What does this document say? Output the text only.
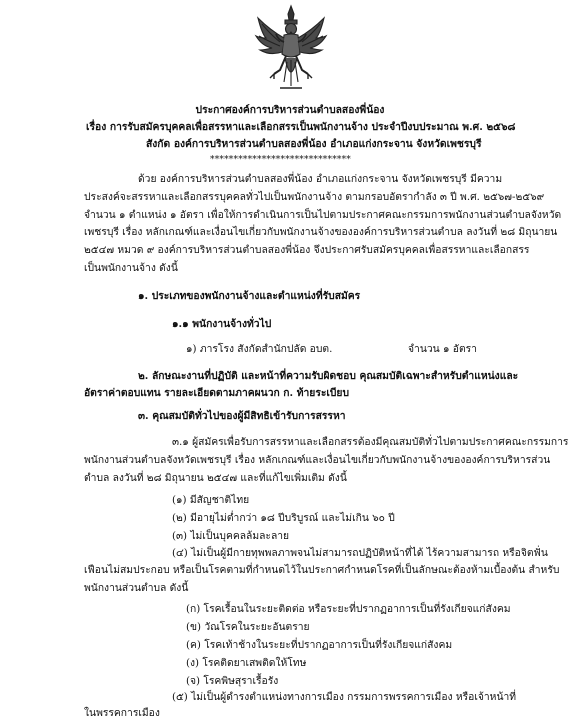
ประกาศองค์การบริหารส่วนตำบลสองพี่น้อง
เรื่อง การรับสมัครบุคคลเพื่อสรรหาและเลือกสรรเป็นพนักงานจ้าง ประจำปีงบประมาณ พ.ศ. ๒๕๖๘
สังกัด องค์การบริหารส่วนตำบลสองพี่น้อง อำเภอแก่งกระจาน จังหวัดเพชรบุรี
******************************
ด้วย องค์การบริหารส่วนตำบลสองพี่น้อง อำเภอแก่งกระจาน จังหวัดเพชรบุรี มีความ
ประสงค์จะสรรหาและเลือกสรรบุคคลทั่วไปเป็นพนักงานจ้าง ตามกรอบอัตรากำลัง ๓ ปี พ.ศ. ๒๕๖๗-๒๕๖๙
จำนวน ๑ ตำแหน่ง ๑ อัตรา เพื่อให้การดำเนินการเป็นไปตามประกาศคณะกรรมการพนักงานส่วนตำบลจังหวัด
เพชรบุรี เรื่อง หลักเกณฑ์และเงื่อนไขเกี่ยวกับพนักงานจ้างขององค์การบริหารส่วนตำบล ลงวันที่ ๒๘ มิถุนายน
๒๕๔๗ หมวด ๙ องค์การบริหารส่วนตำบลสองพี่น้อง จึงประกาศรับสมัครบุคคลเพื่อสรรหาและเลือกสรร
เป็นพนักงานจ้าง ดังนี้
๑. ประเภทของพนักงานจ้างและตำแหน่งที่รับสมัคร
๑.๑ พนักงานจ้างทั่วไป
๑) ภารโรง สังกัดสำนักปลัด อบต.	จำนวน ๑ อัตรา
๒. ลักษณะงานที่ปฏิบัติ และหน้าที่ความรับผิดชอบ คุณสมบัติเฉพาะสำหรับตำแหน่งและ
อัตราค่าตอบแทน รายละเอียดตามภาคผนวก ก. ท้ายระเบียบ
๓. คุณสมบัติทั่วไปของผู้มีสิทธิเข้ารับการสรรหา
๓.๑ ผู้สมัครเพื่อรับการสรรหาและเลือกสรรต้องมีคุณสมบัติทั่วไปตามประกาศคณะกรรมการ
พนักงานส่วนตำบลจังหวัดเพชรบุรี เรื่อง หลักเกณฑ์และเงื่อนไขเกี่ยวกับพนักงานจ้างขององค์การบริหารส่วน
ตำบล ลงวันที่ ๒๘ มิถุนายน ๒๕๔๗ และที่แก้ไขเพิ่มเติม ดังนี้
(๑) มีสัญชาติไทย
(๒) มีอายุไม่ต่ำกว่า ๑๘ ปีบริบูรณ์ และไม่เกิน ๖๐ ปี
(๓) ไม่เป็นบุคคลล้มละลาย
(๔) ไม่เป็นผู้มีกายทุพพลภาพจนไม่สามารถปฏิบัติหน้าที่ได้ ไร้ความสามารถ หรือจิตฟั่น
เฟือนไม่สมประกอบ หรือเป็นโรคตามที่กำหนดไว้ในประกาศกำหนดโรคที่เป็นลักษณะต้องห้ามเบื้องต้น สำหรับ
พนักงานส่วนตำบล ดังนี้
(ก) โรคเรื้อนในระยะติดต่อ หรือระยะที่ปรากฏอาการเป็นที่รังเกียจแก่สังคม
(ข) วัณโรคในระยะอันตราย
(ค) โรคเท้าช้างในระยะที่ปรากฏอาการเป็นที่รังเกียจแก่สังคม
(ง) โรคติดยาเสพติดให้โทษ
(จ) โรคพิษสุราเรื้อรัง
(๕) ไม่เป็นผู้ดำรงตำแหน่งทางการเมือง กรรมการพรรคการเมือง หรือเจ้าหน้าที่
ในพรรคการเมือง
